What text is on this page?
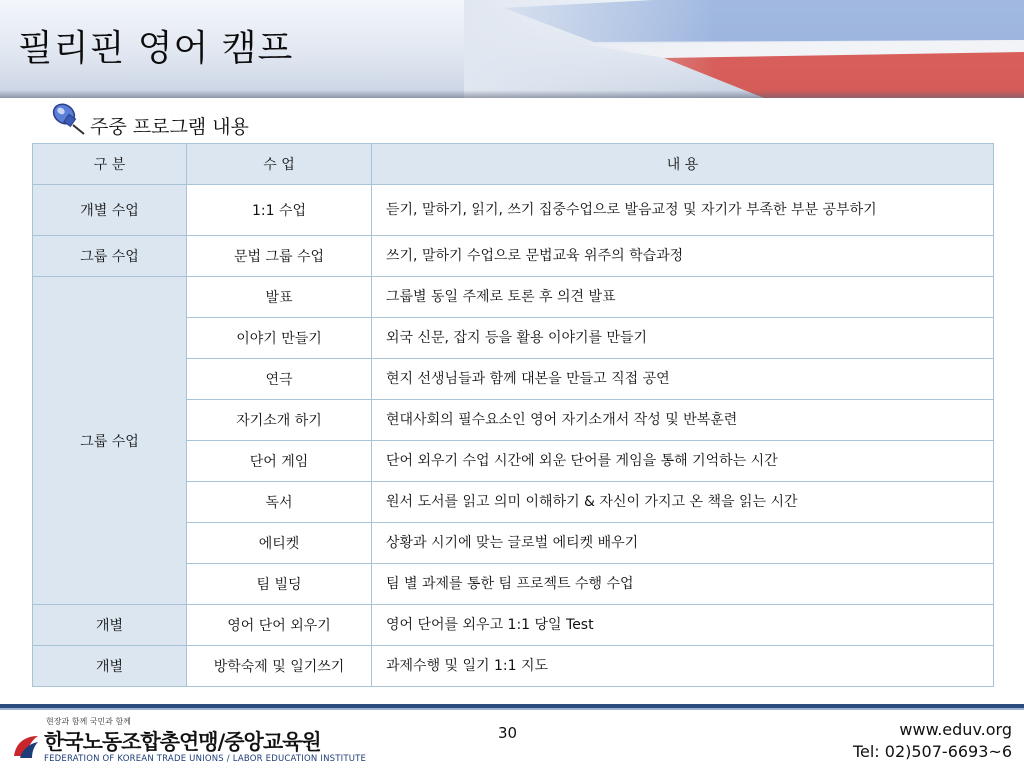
필리핀 영어 캠프
주중 프로그램 내용
구 분	수 업	내 용
개별 수업	1:1 수업	듣기, 말하기, 읽기, 쓰기 집중수업으로 발음교정 및 자기가 부족한 부분 공부하기
그룹 수업	문법 그룹 수업	쓰기, 말하기 수업으로 문법교육 위주의 학습과정
그룹 수업	발표	그룹별 동일 주제로 토론 후 의견 발표
	이야기 만들기	외국 신문, 잡지 등을 활용 이야기를 만들기
	연극	현지 선생님들과 함께 대본을 만들고 직접 공연
	자기소개 하기	현대사회의 필수요소인 영어 자기소개서 작성 및 반복훈련
	단어 게임	단어 외우기 수업 시간에 외운 단어를 게임을 통해 기억하는 시간
	독서	원서 도서를 읽고 의미 이해하기 & 자신이 가지고 온 책을 읽는 시간
	에티켓	상황과 시기에 맞는 글로벌 에티켓 배우기
	팀 빌딩	팀 별 과제를 통한 팀 프로젝트 수행 수업
개별	영어 단어 외우기	영어 단어를 외우고 1:1 당일 Test
개별	방학숙제 및 일기쓰기	과제수행 및 일기 1:1 지도
현장과 함께 국민과 함께
한국노동조합총연맹/중앙교육원
FEDERATION OF KOREAN TRADE UNIONS / LABOR EDUCATION INSTITUTE
30	www.eduv.org
Tel: 02)507-6693~6
